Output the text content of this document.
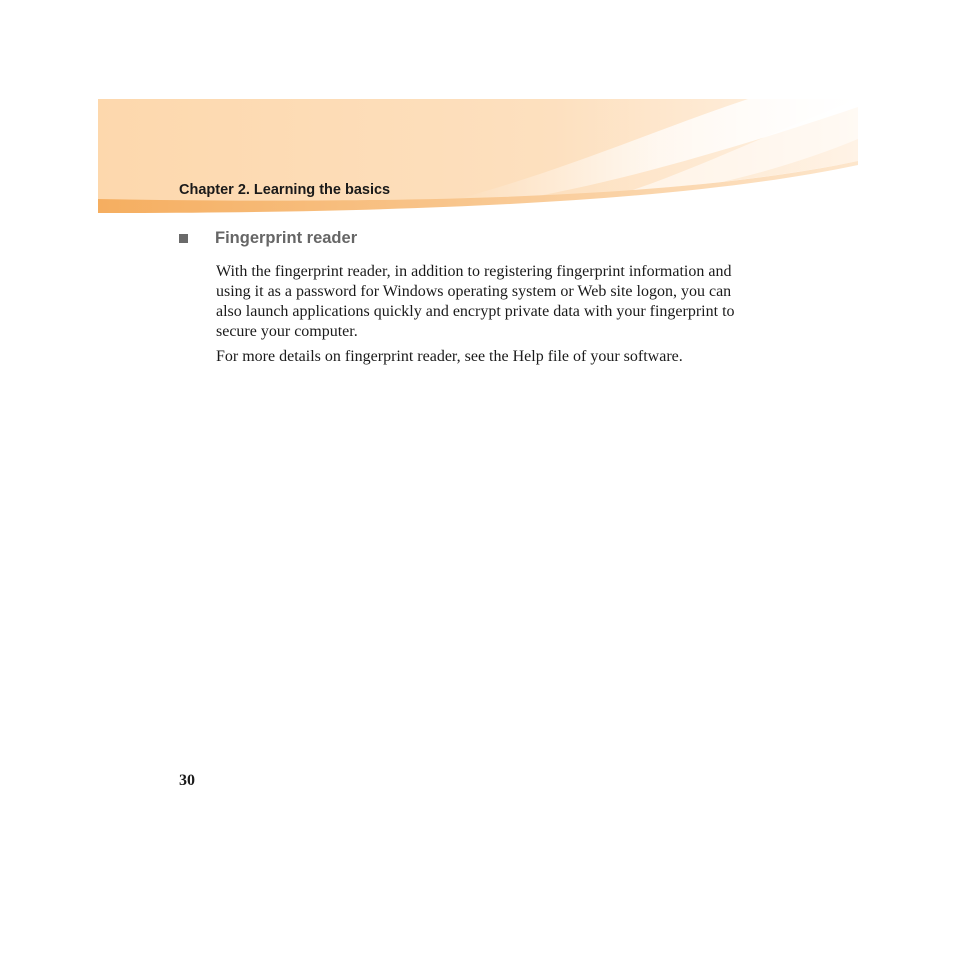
Chapter 2. Learning the basics
Fingerprint reader

With the fingerprint reader, in addition to registering fingerprint information and using it as a password for Windows operating system or Web site logon, you can also launch applications quickly and encrypt private data with your fingerprint to secure your computer.

For more details on fingerprint reader, see the Help file of your software.

30
